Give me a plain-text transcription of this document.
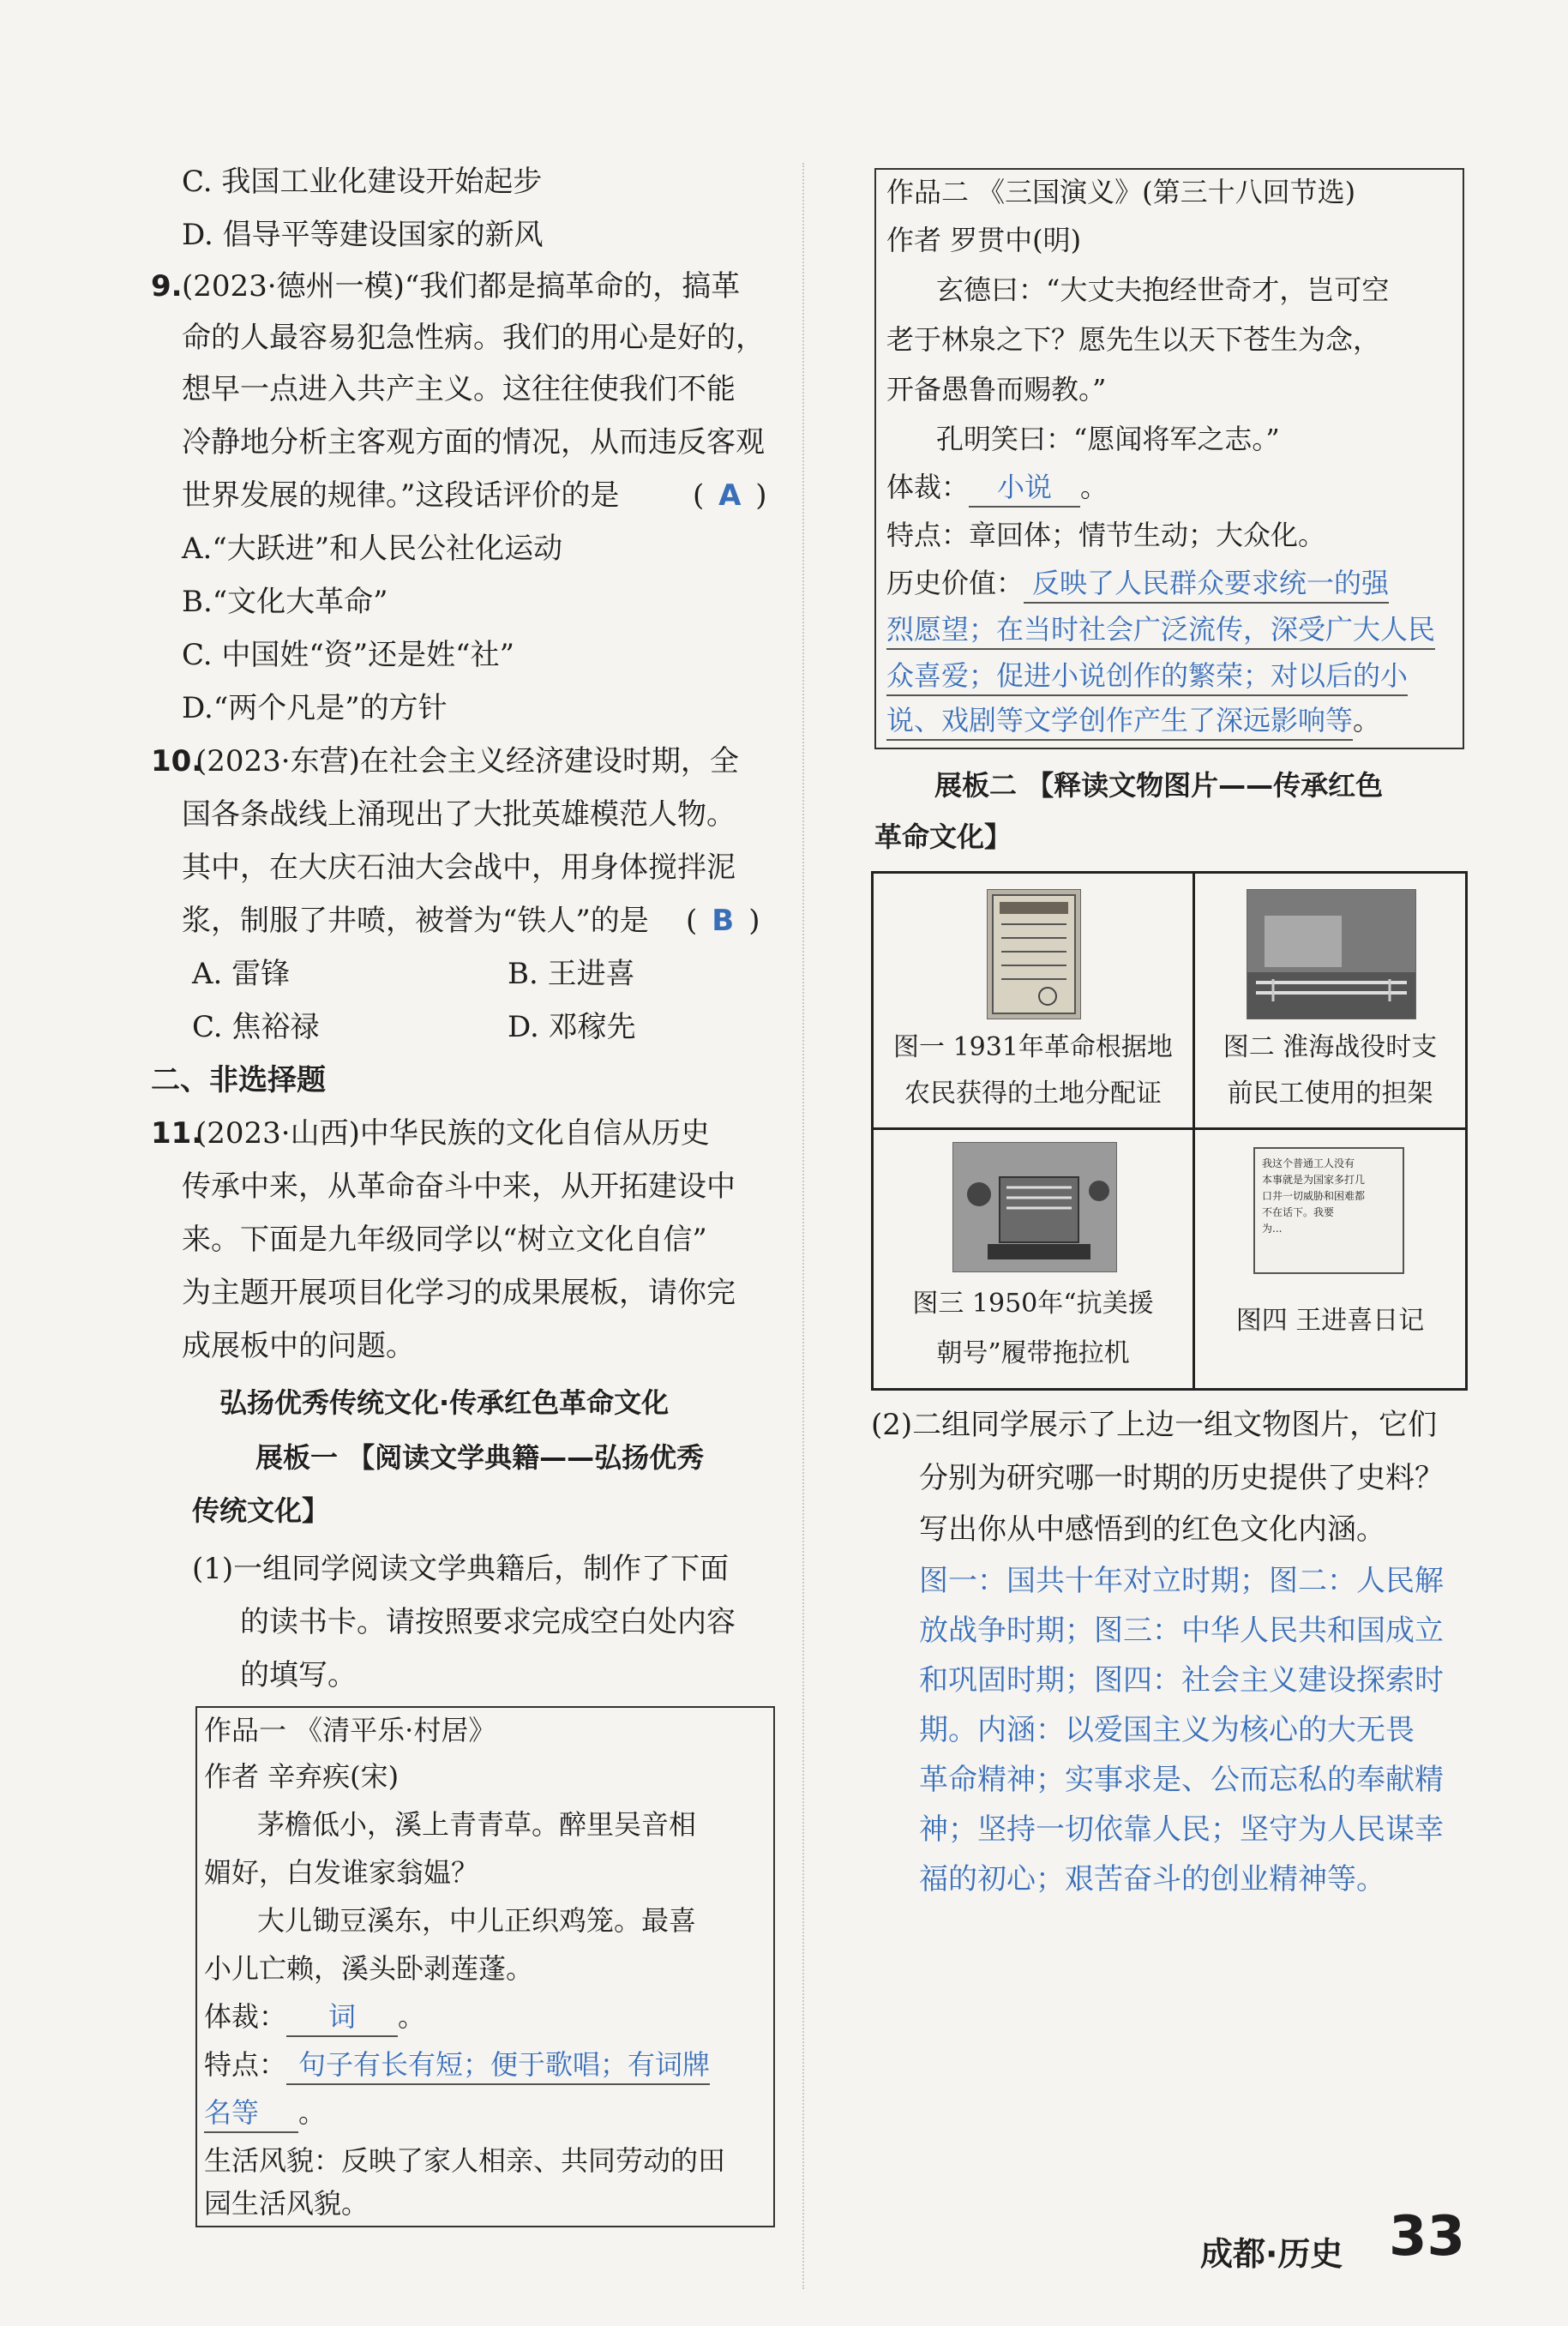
C. 我国工业化建设开始起步
D. 倡导平等建设国家的新风
9. (2023·德州一模)“我们都是搞革命的，搞革
命的人最容易犯急性病。我们的用心是好的，
想早一点进入共产主义。这往往使我们不能
冷静地分析主客观方面的情况，从而违反客观
世界发展的规律。”这段话评价的是	( A )
A.“大跃进”和人民公社化运动
B.“文化大革命”
C. 中国姓“资”还是姓“社”
D.“两个凡是”的方针
10.
(2023·东营)在社会主义经济建设时期，全
国各条战线上涌现出了大批英雄模范人物。
其中，在大庆石油大会战中，用身体搅拌泥
浆，制服了井喷，被誉为“铁人”的是 ( B )
A. 雷锋	B. 王进喜
C. 焦裕禄	D. 邓稼先
二、非选择题
11.
(2023·山西)中华民族的文化自信从历史
传承中来，从革命奋斗中来，从开拓建设中
来。下面是九年级同学以“树立文化自信”
为主题开展项目化学习的成果展板，请你完
成展板中的问题。
弘扬优秀传统文化·传承红色革命文化
展板一 【阅读文学典籍——弘扬优秀
传统文化】
(1)一组同学阅读文学典籍后，制作了下面
的读书卡。请按照要求完成空白处内容
的填写。
作品一 《清平乐·村居》
作者 辛弃疾(宋)
茅檐低小，溪上青青草。醉里吴音相
媚好，白发谁家翁媪？
大儿锄豆溪东，中儿正织鸡笼。最喜
小儿亡赖，溪头卧剥莲蓬。
体裁： 词 。
特点： 句子有长有短；便于歌唱；有词牌
名等 。
生活风貌：反映了家人相亲、共同劳动的田
园生活风貌。
作品二 《三国演义》(第三十八回节选)
作者 罗贯中(明)
玄德曰：“大丈夫抱经世奇才，岂可空
老于林泉之下？愿先生以天下苍生为念，
开备愚鲁而赐教。”
孔明笑曰：“愿闻将军之志。”
体裁： 小说 。
特点：章回体；情节生动；大众化。
历史价值： 反映了人民群众要求统一的强
烈愿望；在当时社会广泛流传，深受广大人民
众喜爱；促进小说创作的繁荣；对以后的小
说、戏剧等文学创作产生了深远影响等。
展板二 【释读文物图片——传承红色
革命文化】
图一 1931年革命根据地
农民获得的土地分配证
图二 淮海战役时支
前民工使用的担架
图三 1950年“抗美援
朝号”履带拖拉机
我这个普通工人没有
本事就是为国家多打几
口井一切威胁和困难都
不在话下。我要
为...
图四 王进喜日记
(2)二组同学展示了上边一组文物图片，它们
分别为研究哪一时期的历史提供了史料？
写出你从中感悟到的红色文化内涵。
图一：国共十年对立时期；图二：人民解
放战争时期；图三：中华人民共和国成立
和巩固时期；图四：社会主义建设探索时
期。内涵：以爱国主义为核心的大无畏
革命精神；实事求是、公而忘私的奉献精
神；坚持一切依靠人民；坚守为人民谋幸
福的初心；艰苦奋斗的创业精神等。
成都·历史 33
